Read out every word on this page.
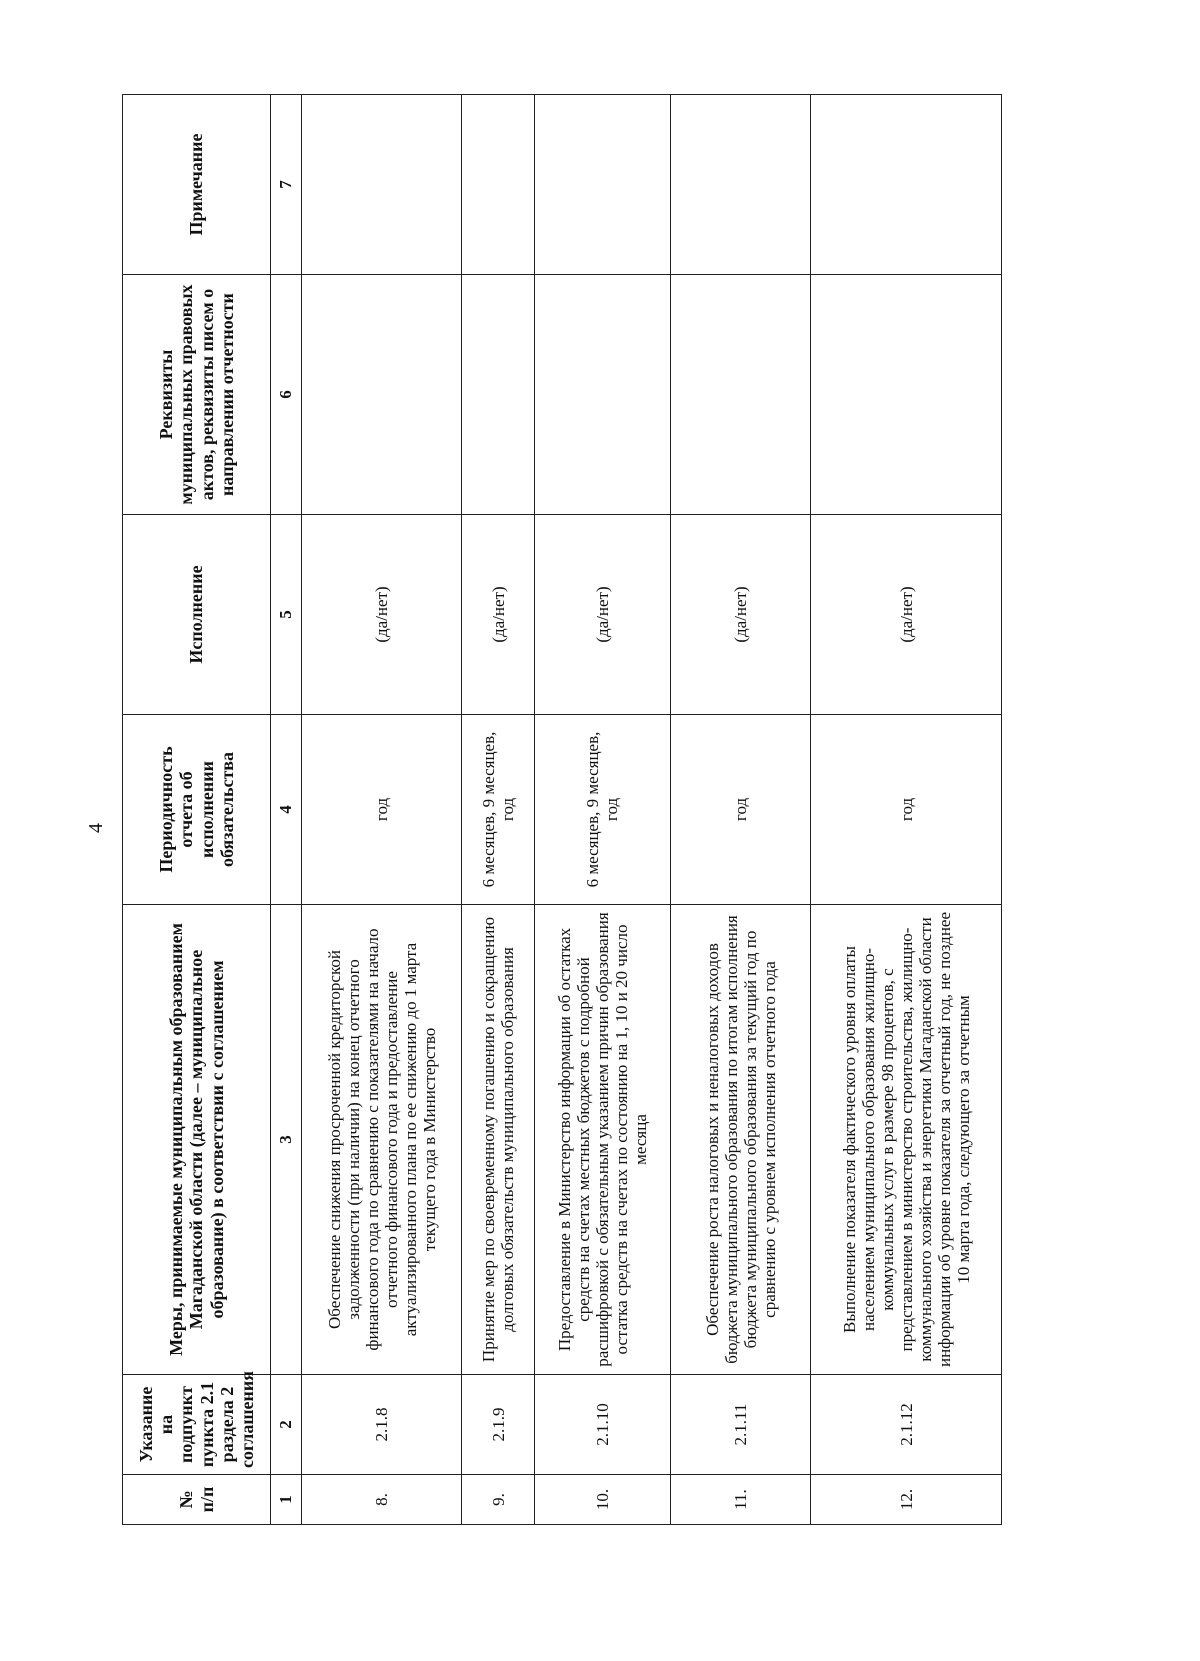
4
№ п/п	Указание на подпункт пункта 2.1 раздела 2 соглашения	Меры, принимаемые муниципальным образованием Магаданской области (далее – муниципальное образование) в соответствии с соглашением	Периодичность отчета об исполнении обязательства	Исполнение	Реквизиты муниципальных правовых актов, реквизиты писем о направлении отчетности	Примечание
1	2	3	4	5	6	7
8.	2.1.8	Обеспечение снижения просроченной кредиторской задолженности (при наличии) на конец отчетного финансового года по сравнению с показателями на начало отчетного финансового года и предоставление актуализированного плана по ее снижению до 1 марта текущего года в Министерство	год	(да/нет)		
9.	2.1.9	Принятие мер по своевременному погашению и сокращению долговых обязательств муниципального образования	6 месяцев, 9 месяцев, год	(да/нет)		
10.	2.1.10	Предоставление в Министерство информации об остатках средств на счетах местных бюджетов с подробной расшифровкой с обязательным указанием причин образования остатка средств на счетах по состоянию на 1, 10 и 20 число месяца	6 месяцев, 9 месяцев, год	(да/нет)		
11.	2.1.11	Обеспечение роста налоговых и неналоговых доходов бюджета муниципального образования по итогам исполнения бюджета муниципального образования за текущий год по сравнению с уровнем исполнения отчетного года	год	(да/нет)		
12.	2.1.12	Выполнение показателя фактического уровня оплаты населением муниципального образования жилищно-коммунальных услуг в размере 98 процентов, с представлением в министерство строительства, жилищно-коммунального хозяйства и энергетики Магаданской области информации об уровне показателя за отчетный год, не позднее 10 марта года, следующего за отчетным	год	(да/нет)		
